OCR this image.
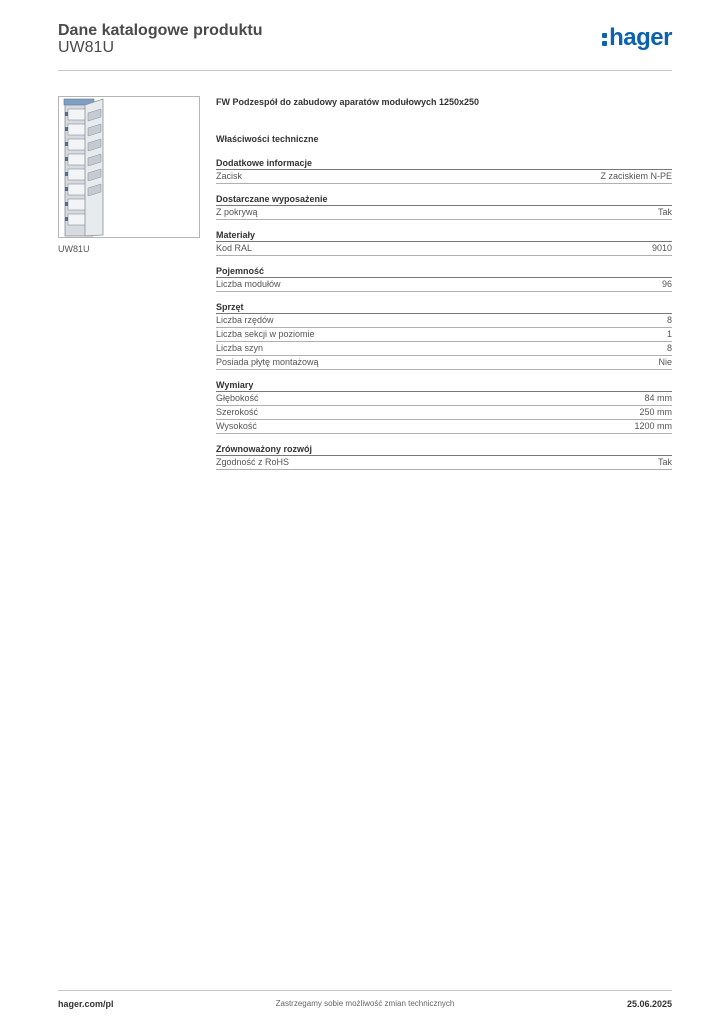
Dane katalogowe produktu
UW81U	hager
UW81U
FW Podzespół do zabudowy aparatów modułowych 1250x250
Właściwości techniczne
Dodatkowe informacje
Zacisk	Z zaciskiem N-PE
Dostarczane wyposażenie
Z pokrywą	Tak
Materiały
Kod RAL	9010
Pojemność
Liczba modułów	96
Sprzęt
Liczba rzędów	8
Liczba sekcji w poziomie	1
Liczba szyn	8
Posiada płytę montażową	Nie
Wymiary
Głębokość	84 mm
Szerokość	250 mm
Wysokość	1200 mm
Zrównoważony rozwój
Zgodność z RoHS	Tak
hager.com/pl	Zastrzegamy sobie możliwość zmian technicznych	25.06.2025
